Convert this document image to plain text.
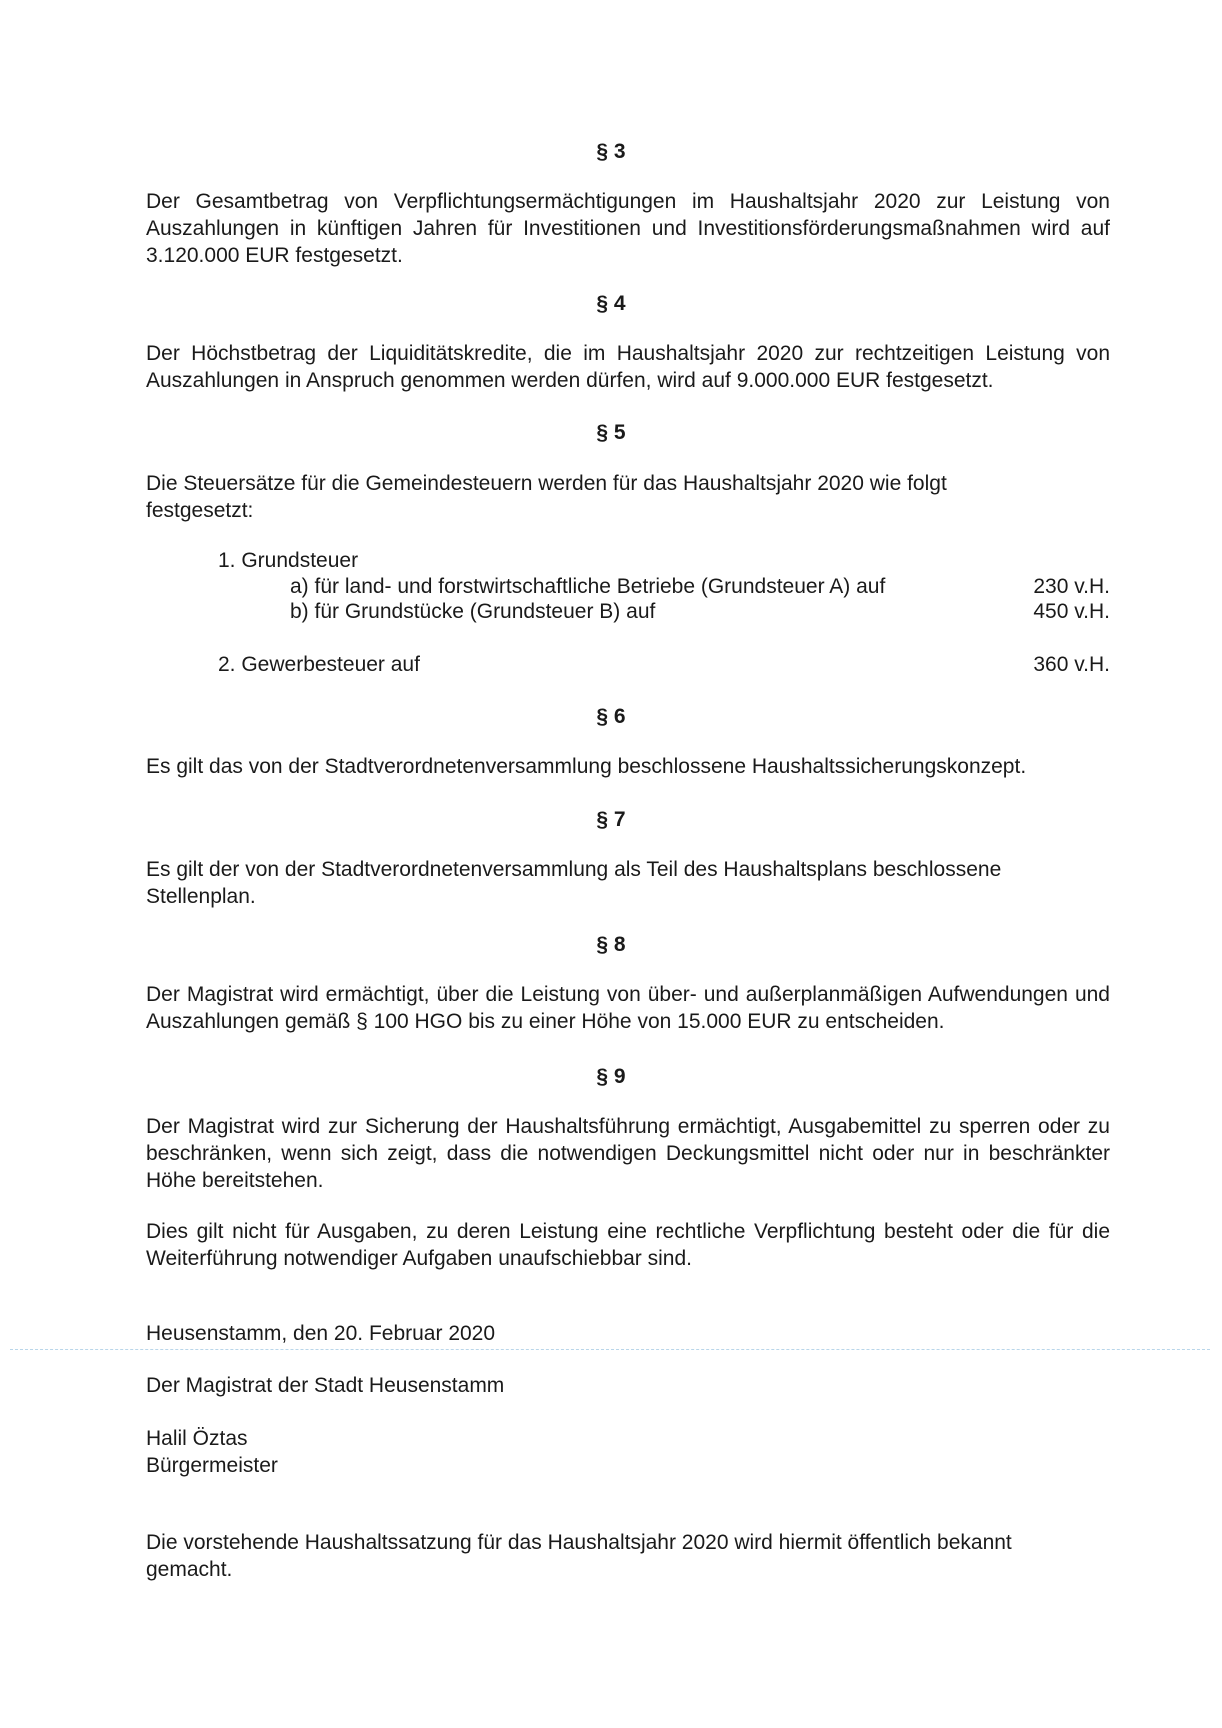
§ 3

Der Gesamtbetrag von Verpflichtungsermächtigungen im Haushaltsjahr 2020 zur Leistung von Auszahlungen in künftigen Jahren für Investitionen und Investitionsförderungsmaßnahmen wird auf 3.120.000 EUR festgesetzt.

§ 4

Der Höchstbetrag der Liquiditätskredite, die im Haushaltsjahr 2020 zur rechtzeitigen Leistung von Auszahlungen in Anspruch genommen werden dürfen, wird auf 9.000.000 EUR festgesetzt.

§ 5
Die Steuersätze für die Gemeindesteuern werden für das Haushaltsjahr 2020 wie folgt
festgesetzt:
1. Grundsteuer
a) für land- und forstwirtschaftliche Betriebe (Grundsteuer A) auf	230 v.H.
b) für Grundstücke (Grundsteuer B) auf	450 v.H.
2. Gewerbesteuer auf	360 v.H.
§ 6

Es gilt das von der Stadtverordnetenversammlung beschlossene Haushaltssicherungskonzept.

§ 7
Es gilt der von der Stadtverordnetenversammlung als Teil des Haushaltsplans beschlossene
Stellenplan.
§ 8

Der Magistrat wird ermächtigt, über die Leistung von über- und außerplanmäßigen Aufwendungen und Auszahlungen gemäß § 100 HGO bis zu einer Höhe von 15.000 EUR zu entscheiden.

§ 9

Der Magistrat wird zur Sicherung der Haushaltsführung ermächtigt, Ausgabemittel zu sperren oder zu beschränken, wenn sich zeigt, dass die notwendigen Deckungsmittel nicht oder nur in beschränkter Höhe bereitstehen.

Dies gilt nicht für Ausgaben, zu deren Leistung eine rechtliche Verpflichtung besteht oder die für die Weiterführung notwendiger Aufgaben unaufschiebbar sind.

Heusenstamm, den 20. Februar 2020
Der Magistrat der Stadt Heusenstamm
Halil Öztas
Bürgermeister
Die vorstehende Haushaltssatzung für das Haushaltsjahr 2020 wird hiermit öffentlich bekannt
gemacht.
